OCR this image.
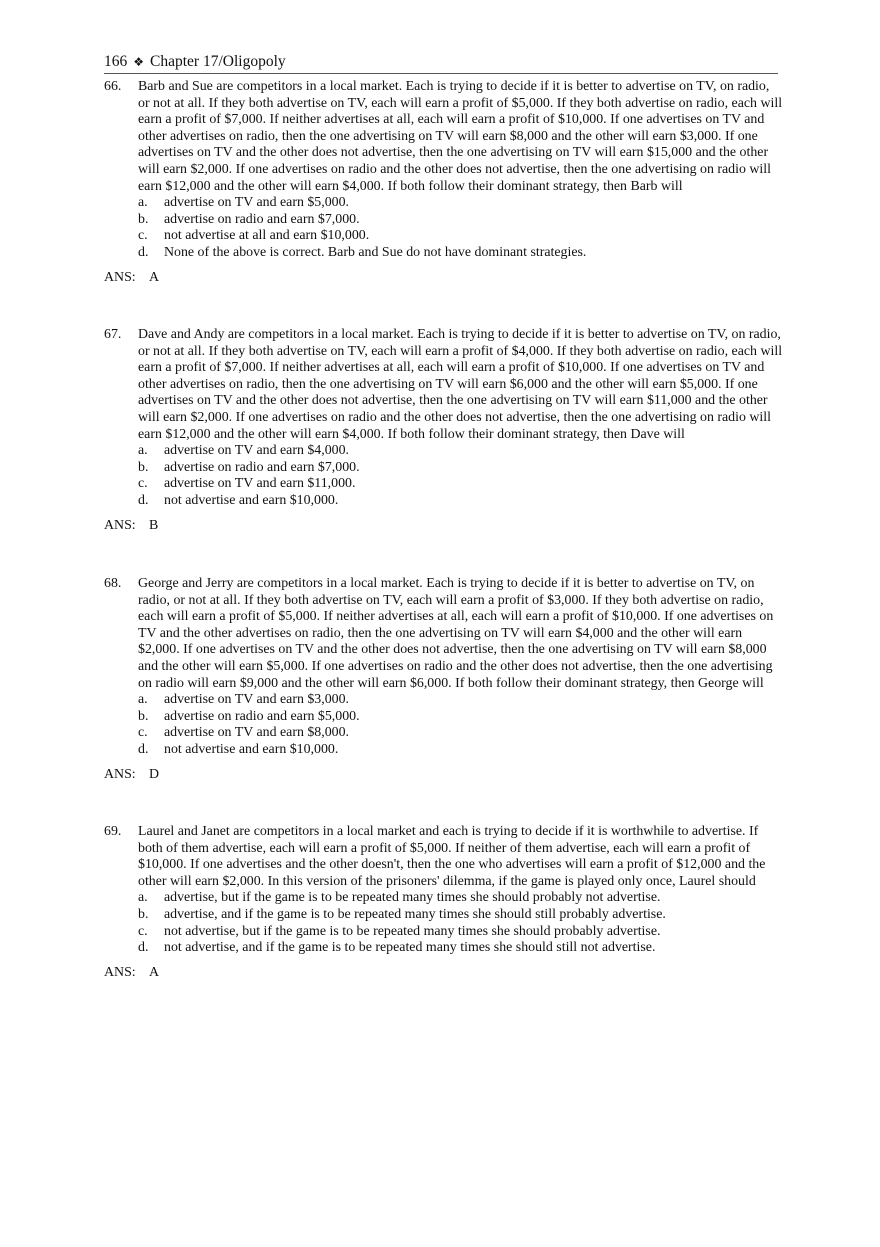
166 ❖ Chapter 17/Oligopoly
66.	Barb and Sue are competitors in a local market. Each is trying to decide if it is better to advertise on TV, on radio, or not at all. If they both advertise on TV, each will earn a profit of $5,000. If they both advertise on radio, each will earn a profit of $7,000. If neither advertises at all, each will earn a profit of $10,000. If one advertises on TV and other advertises on radio, then the one advertising on TV will earn $8,000 and the other will earn $3,000. If one advertises on TV and the other does not advertise, then the one advertising on TV will earn $15,000 and the other will earn $2,000. If one advertises on radio and the other does not advertise, then the one advertising on radio will earn $12,000 and the other will earn $4,000. If both follow their dominant strategy, then Barb will
a.	advertise on TV and earn $5,000.
b.	advertise on radio and earn $7,000.
c.	not advertise at all and earn $10,000.
d.	None of the above is correct. Barb and Sue do not have dominant strategies.
ANS: A
67.	Dave and Andy are competitors in a local market. Each is trying to decide if it is better to advertise on TV, on radio, or not at all. If they both advertise on TV, each will earn a profit of $4,000. If they both advertise on radio, each will earn a profit of $7,000. If neither advertises at all, each will earn a profit of $10,000. If one advertises on TV and other advertises on radio, then the one advertising on TV will earn $6,000 and the other will earn $5,000. If one advertises on TV and the other does not advertise, then the one advertising on TV will earn $11,000 and the other will earn $2,000. If one advertises on radio and the other does not advertise, then the one advertising on radio will earn $12,000 and the other will earn $4,000. If both follow their dominant strategy, then Dave will
a.	advertise on TV and earn $4,000.
b.	advertise on radio and earn $7,000.
c.	advertise on TV and earn $11,000.
d.	not advertise and earn $10,000.
ANS: B
68.	George and Jerry are competitors in a local market. Each is trying to decide if it is better to advertise on TV, on radio, or not at all. If they both advertise on TV, each will earn a profit of $3,000. If they both advertise on radio, each will earn a profit of $5,000. If neither advertises at all, each will earn a profit of $10,000. If one advertises on TV and the other advertises on radio, then the one advertising on TV will earn $4,000 and the other will earn $2,000. If one advertises on TV and the other does not advertise, then the one advertising on TV will earn $8,000 and the other will earn $5,000. If one advertises on radio and the other does not advertise, then the one advertising on radio will earn $9,000 and the other will earn $6,000. If both follow their dominant strategy, then George will
a.	advertise on TV and earn $3,000.
b.	advertise on radio and earn $5,000.
c.	advertise on TV and earn $8,000.
d.	not advertise and earn $10,000.
ANS: D
69.	Laurel and Janet are competitors in a local market and each is trying to decide if it is worthwhile to advertise. If both of them advertise, each will earn a profit of $5,000. If neither of them advertise, each will earn a profit of $10,000. If one advertises and the other doesn't, then the one who advertises will earn a profit of $12,000 and the other will earn $2,000. In this version of the prisoners' dilemma, if the game is played only once, Laurel should
a.	advertise, but if the game is to be repeated many times she should probably not advertise.
b.	advertise, and if the game is to be repeated many times she should still probably advertise.
c.	not advertise, but if the game is to be repeated many times she should probably advertise.
d.	not advertise, and if the game is to be repeated many times she should still not advertise.
ANS: A
